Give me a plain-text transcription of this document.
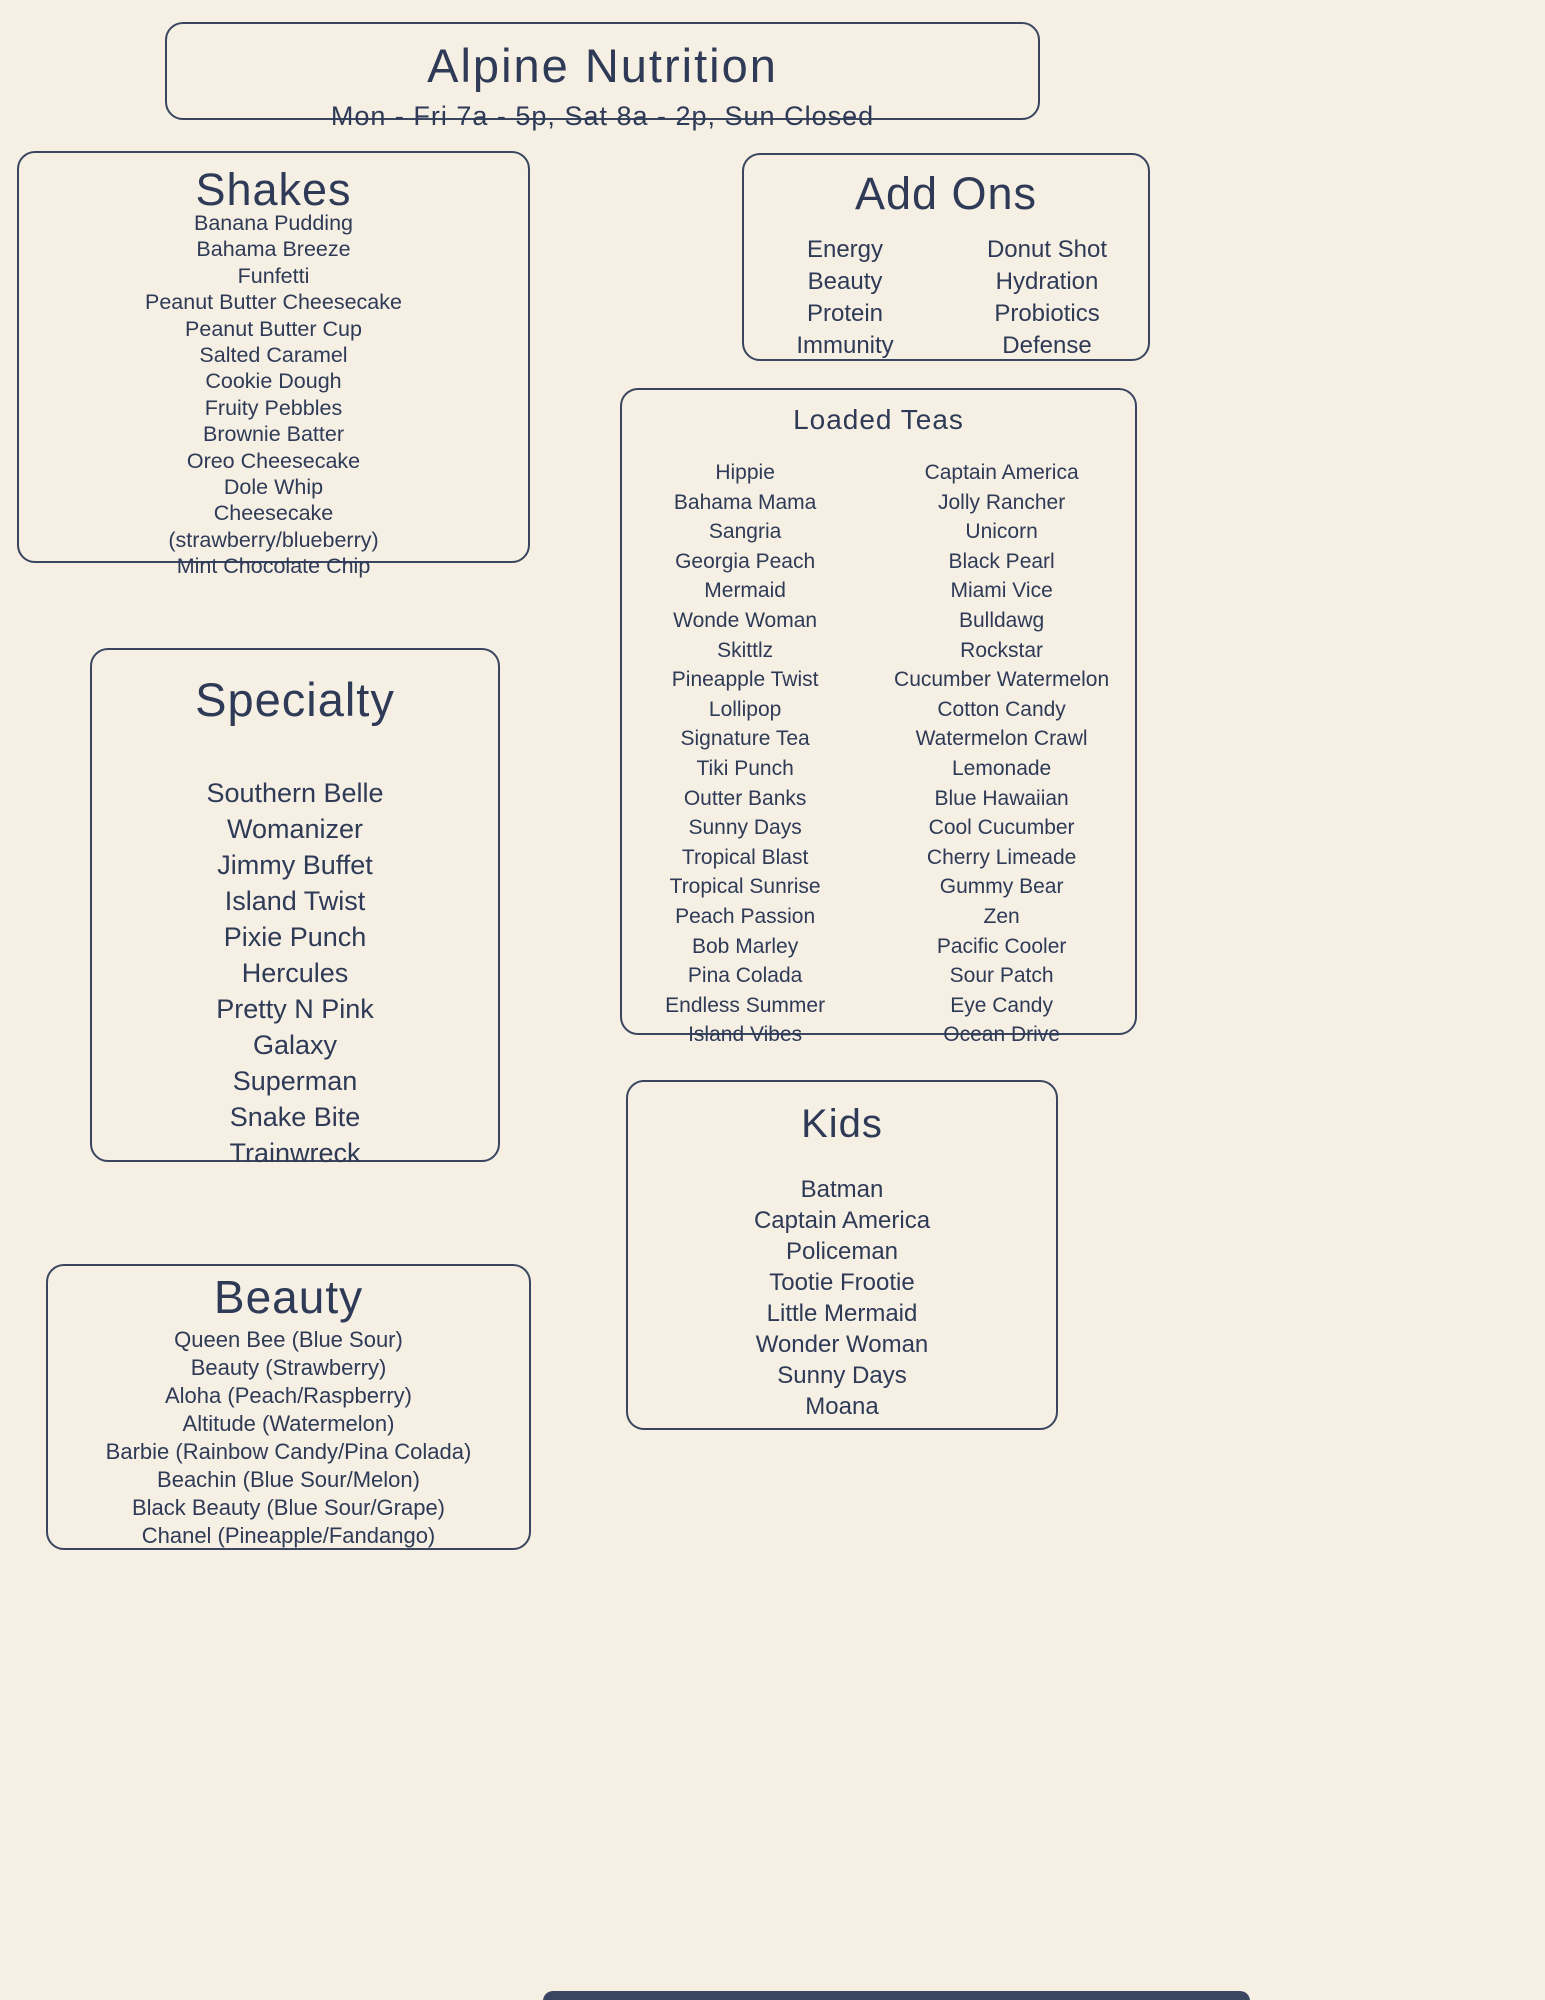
Alpine Nutrition
Mon - Fri 7a - 5p, Sat 8a - 2p, Sun Closed
Shakes
Banana Pudding
Bahama Breeze
Funfetti
Peanut Butter Cheesecake
Peanut Butter Cup
Salted Caramel
Cookie Dough
Fruity Pebbles
Brownie Batter
Oreo Cheesecake
Dole Whip
Cheesecake
(strawberry/blueberry)
Mint Chocolate Chip
Add Ons
Energy
Beauty
Protein
Immunity
Donut Shot
Hydration
Probiotics
Defense
Loaded Teas
Hippie
Bahama Mama
Sangria
Georgia Peach
Mermaid
Wonde Woman
Skittlz
Pineapple Twist
Lollipop
Signature Tea
Tiki Punch
Outter Banks
Sunny Days
Tropical Blast
Tropical Sunrise
Peach Passion
Bob Marley
Pina Colada
Endless Summer
Island Vibes
Captain America
Jolly Rancher
Unicorn
Black Pearl
Miami Vice
Bulldawg
Rockstar
Cucumber Watermelon
Cotton Candy
Watermelon Crawl
Lemonade
Blue Hawaiian
Cool Cucumber
Cherry Limeade
Gummy Bear
Zen
Pacific Cooler
Sour Patch
Eye Candy
Ocean Drive
Specialty
Southern Belle
Womanizer
Jimmy Buffet
Island Twist
Pixie Punch
Hercules
Pretty N Pink
Galaxy
Superman
Snake Bite
Trainwreck
Kids
Batman
Captain America
Policeman
Tootie Frootie
Little Mermaid
Wonder Woman
Sunny Days
Moana
Beauty
Queen Bee (Blue Sour)
Beauty (Strawberry)
Aloha (Peach/Raspberry)
Altitude (Watermelon)
Barbie (Rainbow Candy/Pina Colada)
Beachin (Blue Sour/Melon)
Black Beauty (Blue Sour/Grape)
Chanel (Pineapple/Fandango)
